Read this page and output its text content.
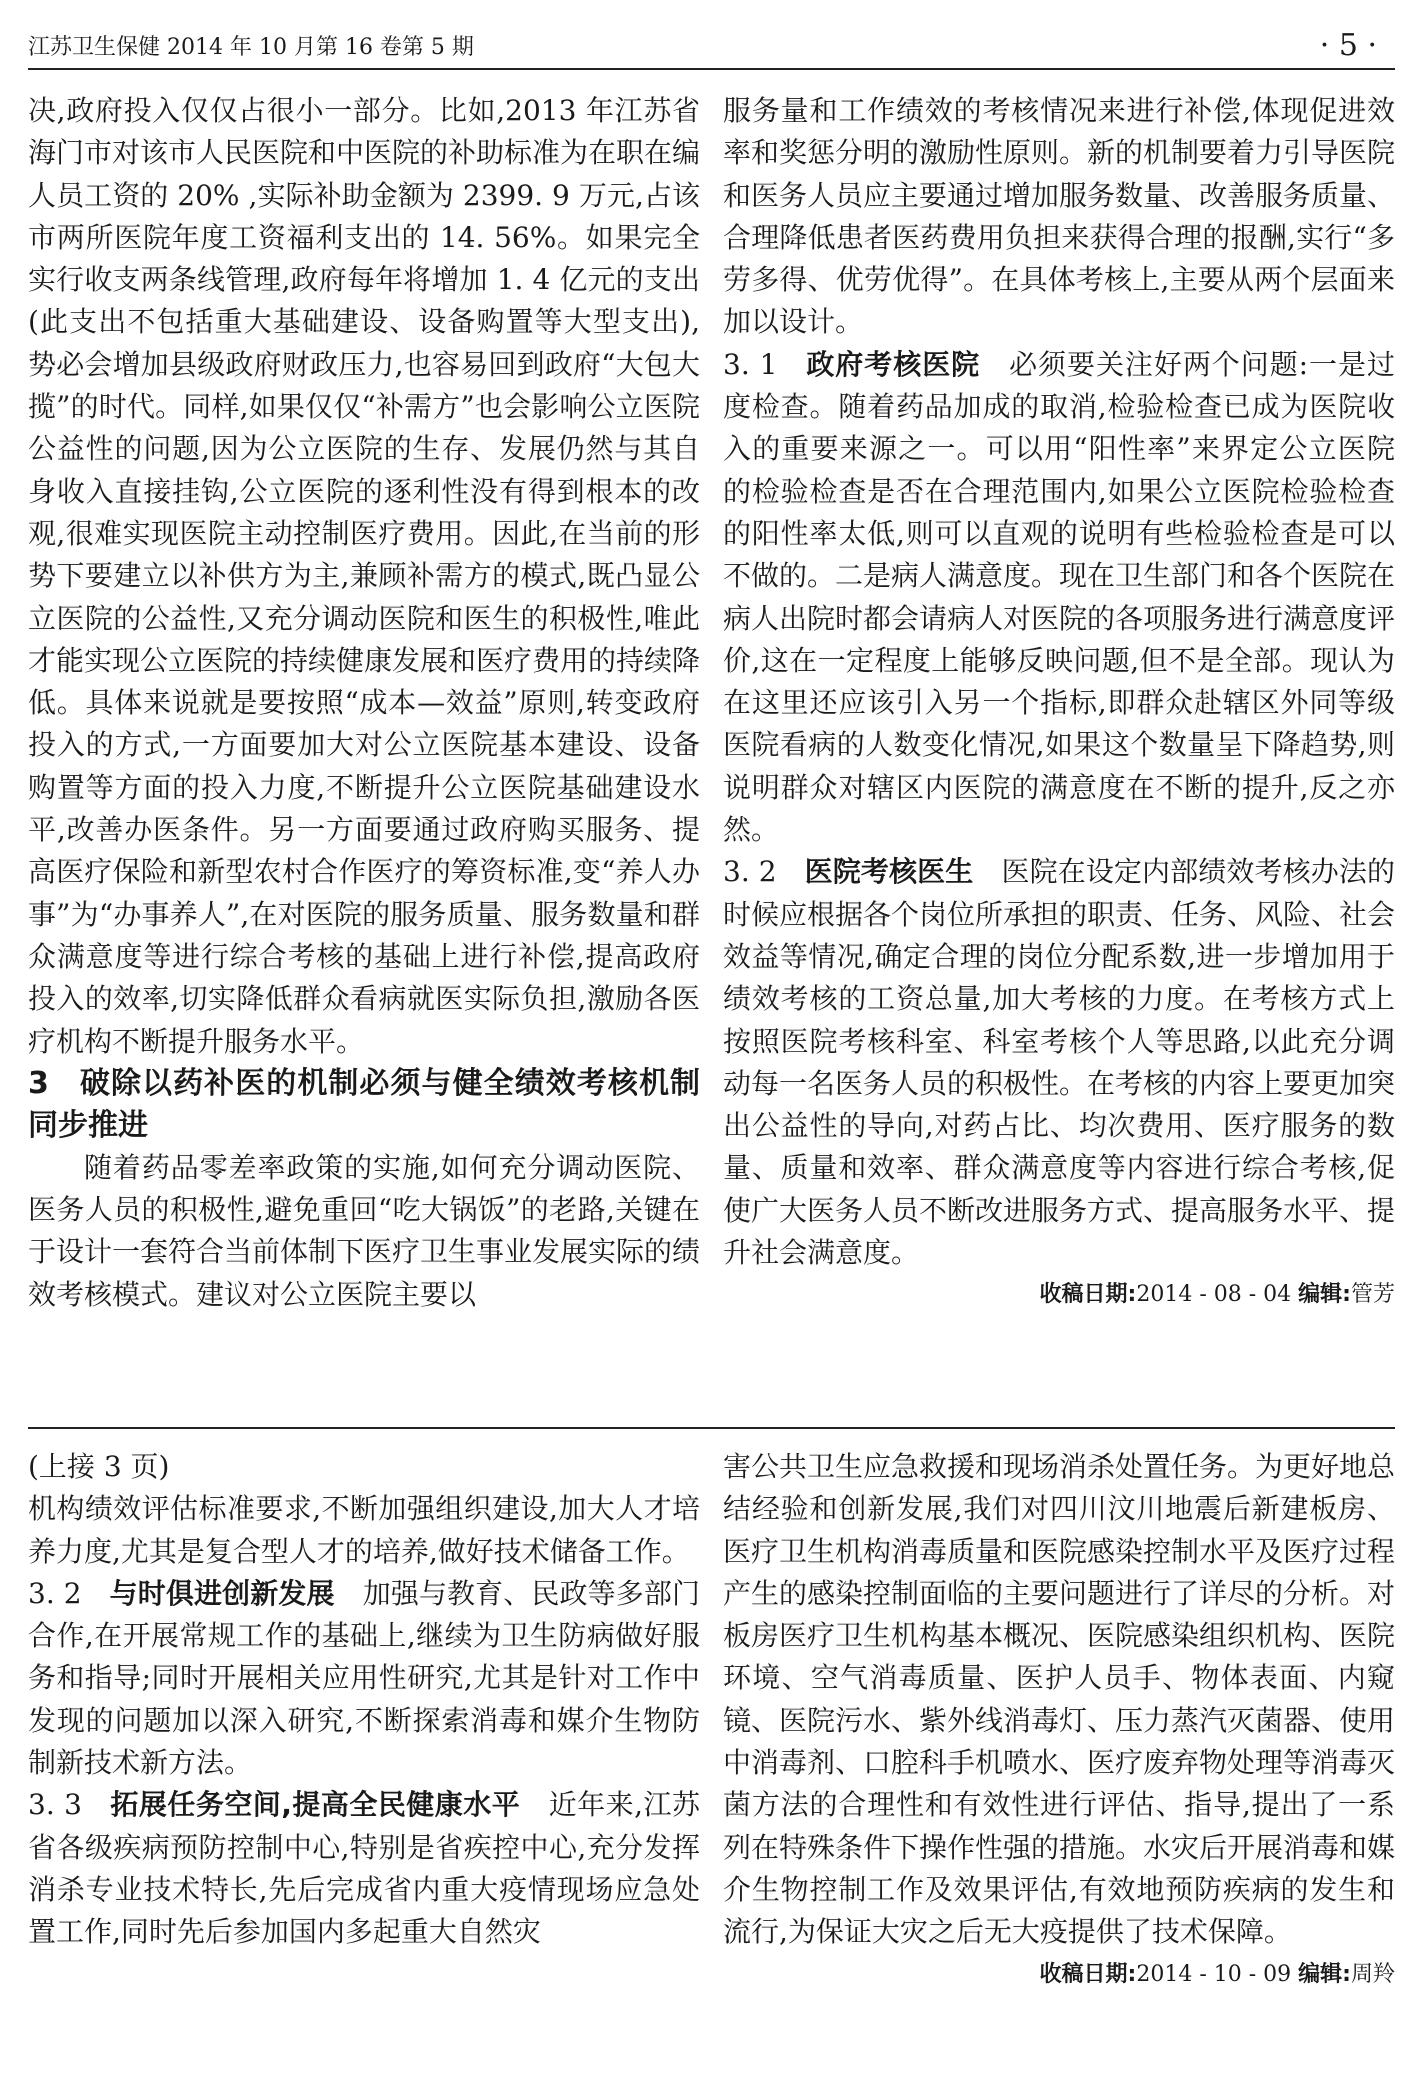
江苏卫生保健 2014 年 10 月第 16 卷第 5 期	· 5 ·

决,政府投入仅仅占很小一部分。比如,2013 年江苏省海门市对该市人民医院和中医院的补助标准为在职在编人员工资的 20% ,实际补助金额为 2399. 9 万元,占该市两所医院年度工资福利支出的 14. 56%。如果完全实行收支两条线管理,政府每年将增加 1. 4 亿元的支出(此支出不包括重大基础建设、设备购置等大型支出),势必会增加县级政府财政压力,也容易回到政府“大包大揽”的时代。同样,如果仅仅“补需方”也会影响公立医院公益性的问题,因为公立医院的生存、发展仍然与其自身收入直接挂钩,公立医院的逐利性没有得到根本的改观,很难实现医院主动控制医疗费用。因此,在当前的形势下要建立以补供方为主,兼顾补需方的模式,既凸显公立医院的公益性,又充分调动医院和医生的积极性,唯此才能实现公立医院的持续健康发展和医疗费用的持续降低。具体来说就是要按照“成本—效益”原则,转变政府投入的方式,一方面要加大对公立医院基本建设、设备购置等方面的投入力度,不断提升公立医院基础建设水平,改善办医条件。另一方面要通过政府购买服务、提高医疗保险和新型农村合作医疗的筹资标准,变“养人办事”为“办事养人”,在对医院的服务质量、服务数量和群众满意度等进行综合考核的基础上进行补偿,提高政府投入的效率,切实降低群众看病就医实际负担,激励各医疗机构不断提升服务水平。

3 破除以药补医的机制必须与健全绩效考核机制同步推进

随着药品零差率政策的实施,如何充分调动医院、医务人员的积极性,避免重回“吃大锅饭”的老路,关键在于设计一套符合当前体制下医疗卫生事业发展实际的绩效考核模式。建议对公立医院主要以

服务量和工作绩效的考核情况来进行补偿,体现促进效率和奖惩分明的激励性原则。新的机制要着力引导医院和医务人员应主要通过增加服务数量、改善服务质量、合理降低患者医药费用负担来获得合理的报酬,实行“多劳多得、优劳优得”。在具体考核上,主要从两个层面来加以设计。

3. 1 政府考核医院 必须要关注好两个问题:一是过度检查。随着药品加成的取消,检验检查已成为医院收入的重要来源之一。可以用“阳性率”来界定公立医院的检验检查是否在合理范围内,如果公立医院检验检查的阳性率太低,则可以直观的说明有些检验检查是可以不做的。二是病人满意度。现在卫生部门和各个医院在病人出院时都会请病人对医院的各项服务进行满意度评价,这在一定程度上能够反映问题,但不是全部。现认为在这里还应该引入另一个指标,即群众赴辖区外同等级医院看病的人数变化情况,如果这个数量呈下降趋势,则说明群众对辖区内医院的满意度在不断的提升,反之亦然。

3. 2 医院考核医生 医院在设定内部绩效考核办法的时候应根据各个岗位所承担的职责、任务、风险、社会效益等情况,确定合理的岗位分配系数,进一步增加用于绩效考核的工资总量,加大考核的力度。在考核方式上按照医院考核科室、科室考核个人等思路,以此充分调动每一名医务人员的积极性。在考核的内容上要更加突出公益性的导向,对药占比、均次费用、医疗服务的数量、质量和效率、群众满意度等内容进行综合考核,促使广大医务人员不断改进服务方式、提高服务水平、提升社会满意度。

收稿日期:2014 - 08 - 04 编辑:管芳

(上接 3 页)

机构绩效评估标准要求,不断加强组织建设,加大人才培养力度,尤其是复合型人才的培养,做好技术储备工作。

3. 2 与时俱进创新发展 加强与教育、民政等多部门合作,在开展常规工作的基础上,继续为卫生防病做好服务和指导;同时开展相关应用性研究,尤其是针对工作中发现的问题加以深入研究,不断探索消毒和媒介生物防制新技术新方法。

3. 3 拓展任务空间,提高全民健康水平 近年来,江苏省各级疾病预防控制中心,特别是省疾控中心,充分发挥消杀专业技术特长,先后完成省内重大疫情现场应急处置工作,同时先后参加国内多起重大自然灾

害公共卫生应急救援和现场消杀处置任务。为更好地总结经验和创新发展,我们对四川汶川地震后新建板房、医疗卫生机构消毒质量和医院感染控制水平及医疗过程产生的感染控制面临的主要问题进行了详尽的分析。对板房医疗卫生机构基本概况、医院感染组织机构、医院环境、空气消毒质量、医护人员手、物体表面、内窥镜、医院污水、紫外线消毒灯、压力蒸汽灭菌器、使用中消毒剂、口腔科手机喷水、医疗废弃物处理等消毒灭菌方法的合理性和有效性进行评估、指导,提出了一系列在特殊条件下操作性强的措施。水灾后开展消毒和媒介生物控制工作及效果评估,有效地预防疾病的发生和流行,为保证大灾之后无大疫提供了技术保障。

收稿日期:2014 - 10 - 09 编辑:周羚
